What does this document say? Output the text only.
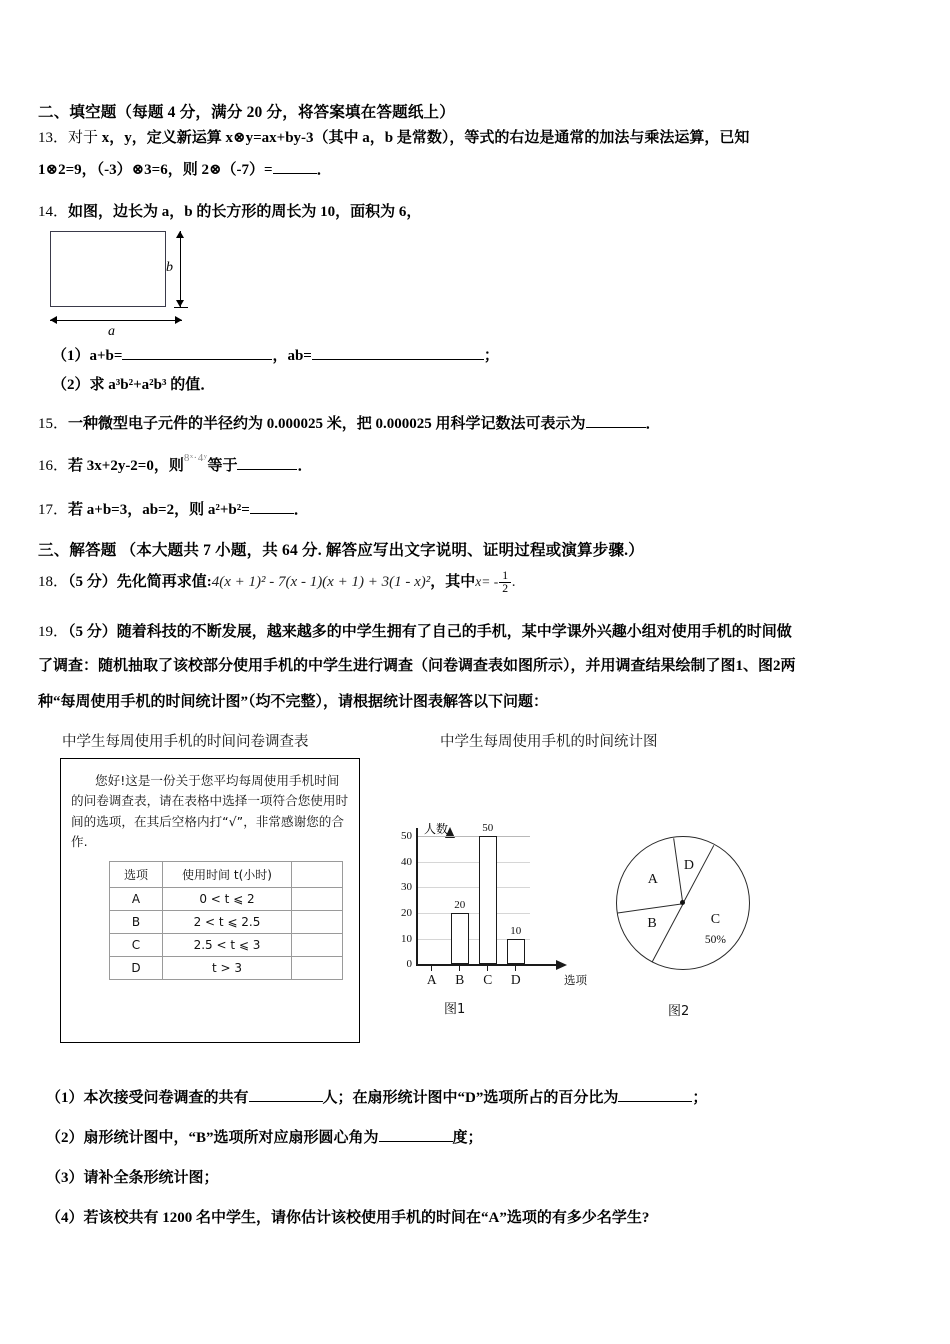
二、填空题（每题 4 分，满分 20 分，将答案填在答题纸上）
13．对于 x，y，定义新运算 x⊗y=ax+by‐3（其中 a，b 是常数），等式的右边是通常的加法与乘法运算，已知
1⊗2=9，（‐3）⊗3=6，则 2⊗（‐7）=	．
14．如图，边长为 a，b 的长方形的周长为 10，面积为 6，
b
a
（1）a+b=	，ab=	；
（2）求 a³b²+a²b³ 的值．
15．一种微型电子元件的半径约为 0.000025 米，把 0.000025 用科学记数法可表示为	．
16．若 3x+2y‐2=0，则$^{8ˣ\cdot 4ʸ}$等于	．
17．若 a+b=3，ab=2，则 a²+b²=	．
三、解答题 （本大题共 7 小题，共 64 分. 解答应写出文字说明、证明过程或演算步骤.）
18．（5 分）先化简再求值:4(x + 1)² - 7(x - 1)(x + 1) + 3(1 - x)²，其中$x= - \frac{1}{2}$ .
19．（5 分）随着科技的不断发展，越来越多的中学生拥有了自己的手机，某中学课外兴趣小组对使用手机的时间做
了调查：随机抽取了该校部分使用手机的中学生进行调查（问卷调查表如图所示），并用调查结果绘制了图1、图2两
种“每周使用手机的时间统计图”（均不完整），请根据统计图表解答以下问题：
中学生每周使用手机的时间问卷调查表	中学生每周使用手机的时间统计图
您好!这是一份关于您平均每周使用手机时间的问卷调查表，请在表格中选择一项符合您使用时间的选项，在其后空格内打“√”，非常感谢您的合作.
选项	使用时间 t(小时)	
A	0 < t ⩽ 2	
B	2 < t ⩽ 2.5	
C	2.5 < t ⩽ 3	
D	t > 3	
人数
选项
0
10
20
30
40
50
A B
20
C
50
D
10
图1
C
50%
B
A
D
图2
（1）本次接受问卷调查的共有	人；在扇形统计图中“D”选项所占的百分比为	；
（2）扇形统计图中，“B”选项所对应扇形圆心角为	度；
（3）请补全条形统计图；
（4）若该校共有 1200 名中学生，请你估计该校使用手机的时间在“A”选项的有多少名学生?
